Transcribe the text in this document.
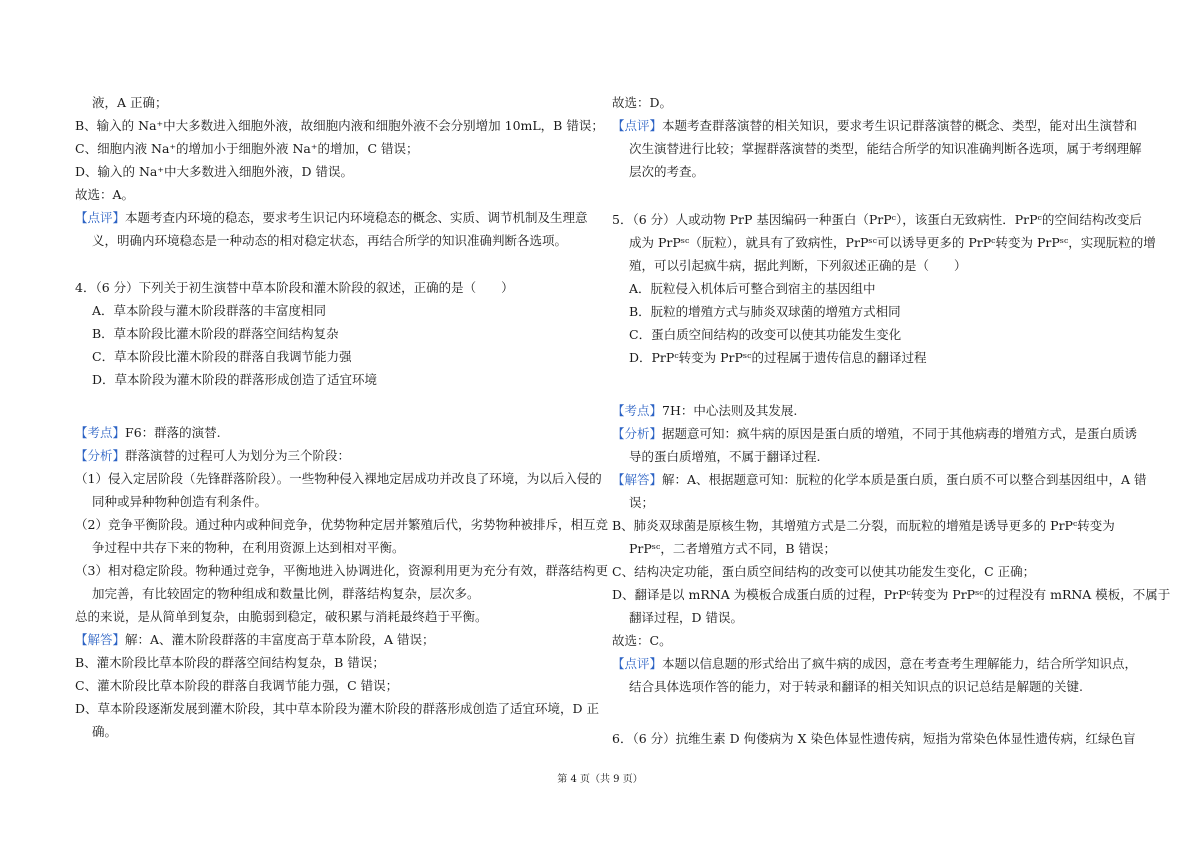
液，A 正确；
B、输入的 Na⁺中大多数进入细胞外液，故细胞内液和细胞外液不会分别增加 10mL，B 错误；
C、细胞内液 Na⁺的增加小于细胞外液 Na⁺的增加，C 错误；
D、输入的 Na⁺中大多数进入细胞外液，D 错误。
故选：A。
【点评】本题考查内环境的稳态，要求考生识记内环境稳态的概念、实质、调节机制及生理意
义，明确内环境稳态是一种动态的相对稳定状态，再结合所学的知识准确判断各选项。
4．（6 分）下列关于初生演替中草本阶段和灌木阶段的叙述，正确的是（　　）
A．草本阶段与灌木阶段群落的丰富度相同
B．草本阶段比灌木阶段的群落空间结构复杂
C．草本阶段比灌木阶段的群落自我调节能力强
D．草本阶段为灌木阶段的群落形成创造了适宜环境
【考点】F6：群落的演替.
【分析】群落演替的过程可人为划分为三个阶段：
（1）侵入定居阶段（先锋群落阶段）。一些物种侵入裸地定居成功并改良了环境，为以后入侵的
同种或异种物种创造有利条件。
（2）竞争平衡阶段。通过种内或种间竞争，优势物种定居并繁殖后代，劣势物种被排斥，相互竞
争过程中共存下来的物种，在利用资源上达到相对平衡。
（3）相对稳定阶段。物种通过竞争，平衡地进入协调进化，资源利用更为充分有效，群落结构更
加完善，有比较固定的物种组成和数量比例，群落结构复杂，层次多。
总的来说，是从简单到复杂，由脆弱到稳定，破积累与消耗最终趋于平衡。
【解答】解：A、灌木阶段群落的丰富度高于草本阶段，A 错误；
B、灌木阶段比草本阶段的群落空间结构复杂，B 错误；
C、灌木阶段比草本阶段的群落自我调节能力强，C 错误；
D、草本阶段逐渐发展到灌木阶段，其中草本阶段为灌木阶段的群落形成创造了适宜环境，D 正
确。
故选：D。
【点评】本题考查群落演替的相关知识，要求考生识记群落演替的概念、类型，能对出生演替和
次生演替进行比较；掌握群落演替的类型，能结合所学的知识准确判断各选项，属于考纲理解
层次的考查。
5．（6 分）人或动物 PrP 基因编码一种蛋白（PrPᶜ），该蛋白无致病性．PrPᶜ的空间结构改变后
成为 PrPˢᶜ（朊粒），就具有了致病性，PrPˢᶜ可以诱导更多的 PrPᶜ转变为 PrPˢᶜ，实现朊粒的增
殖，可以引起疯牛病，据此判断，下列叙述正确的是（　　）
A．朊粒侵入机体后可整合到宿主的基因组中
B．朊粒的增殖方式与肺炎双球菌的增殖方式相同
C．蛋白质空间结构的改变可以使其功能发生变化
D．PrPᶜ转变为 PrPˢᶜ的过程属于遗传信息的翻译过程
【考点】7H：中心法则及其发展.
【分析】据题意可知：疯牛病的原因是蛋白质的增殖，不同于其他病毒的增殖方式，是蛋白质诱
导的蛋白质增殖，不属于翻译过程.
【解答】解：A、根据题意可知：朊粒的化学本质是蛋白质，蛋白质不可以整合到基因组中，A 错
误；
B、肺炎双球菌是原核生物，其增殖方式是二分裂，而朊粒的增殖是诱导更多的 PrPᶜ转变为
PrPˢᶜ，二者增殖方式不同，B 错误；
C、结构决定功能，蛋白质空间结构的改变可以使其功能发生变化，C 正确；
D、翻译是以 mRNA 为模板合成蛋白质的过程，PrPᶜ转变为 PrPˢᶜ的过程没有 mRNA 模板，不属于
翻译过程，D 错误。
故选：C。
【点评】本题以信息题的形式给出了疯牛病的成因，意在考查考生理解能力，结合所学知识点，
结合具体选项作答的能力，对于转录和翻译的相关知识点的识记总结是解题的关键.
6．（6 分）抗维生素 D 佝偻病为 X 染色体显性遗传病，短指为常染色体显性遗传病，红绿色盲
第 4 页（共 9 页）
